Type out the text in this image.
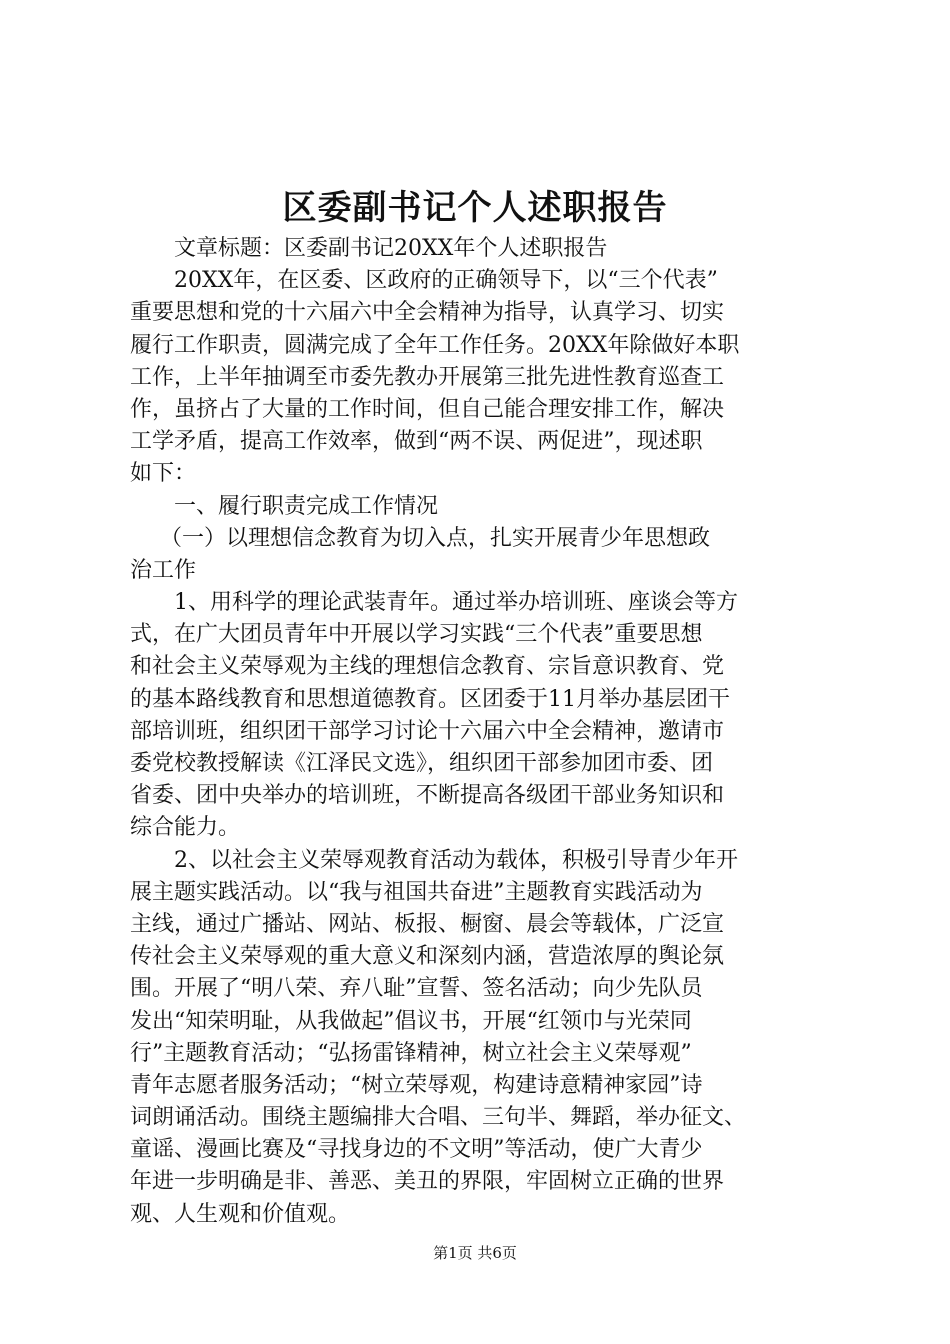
区委副书记个人述职报告
文章标题：区委副书记20XX年个人述职报告
20XX年，在区委、区政府的正确领导下，以“三个代表”
重要思想和党的十六届六中全会精神为指导，认真学习、切实
履行工作职责，圆满完成了全年工作任务。20XX年除做好本职
工作，上半年抽调至市委先教办开展第三批先进性教育巡查工
作，虽挤占了大量的工作时间，但自己能合理安排工作，解决
工学矛盾，提高工作效率，做到“两不误、两促进”，现述职
如下：
一、履行职责完成工作情况
（一）以理想信念教育为切入点，扎实开展青少年思想政
治工作
1、用科学的理论武装青年。通过举办培训班、座谈会等方
式，在广大团员青年中开展以学习实践“三个代表”重要思想
和社会主义荣辱观为主线的理想信念教育、宗旨意识教育、党
的基本路线教育和思想道德教育。区团委于11月举办基层团干
部培训班，组织团干部学习讨论十六届六中全会精神，邀请市
委党校教授解读《江泽民文选》，组织团干部参加团市委、团
省委、团中央举办的培训班，不断提高各级团干部业务知识和
综合能力。
2、以社会主义荣辱观教育活动为载体，积极引导青少年开
展主题实践活动。以“我与祖国共奋进”主题教育实践活动为
主线，通过广播站、网站、板报、橱窗、晨会等载体，广泛宣
传社会主义荣辱观的重大意义和深刻内涵，营造浓厚的舆论氛
围。开展了“明八荣、弃八耻”宣誓、签名活动；向少先队员
发出“知荣明耻，从我做起”倡议书，开展“红领巾与光荣同
行”主题教育活动；“弘扬雷锋精神，树立社会主义荣辱观”
青年志愿者服务活动；“树立荣辱观，构建诗意精神家园”诗
词朗诵活动。围绕主题编排大合唱、三句半、舞蹈，举办征文、
童谣、漫画比赛及“寻找身边的不文明”等活动，使广大青少
年进一步明确是非、善恶、美丑的界限，牢固树立正确的世界
观、人生观和价值观。
第1页 共6页
